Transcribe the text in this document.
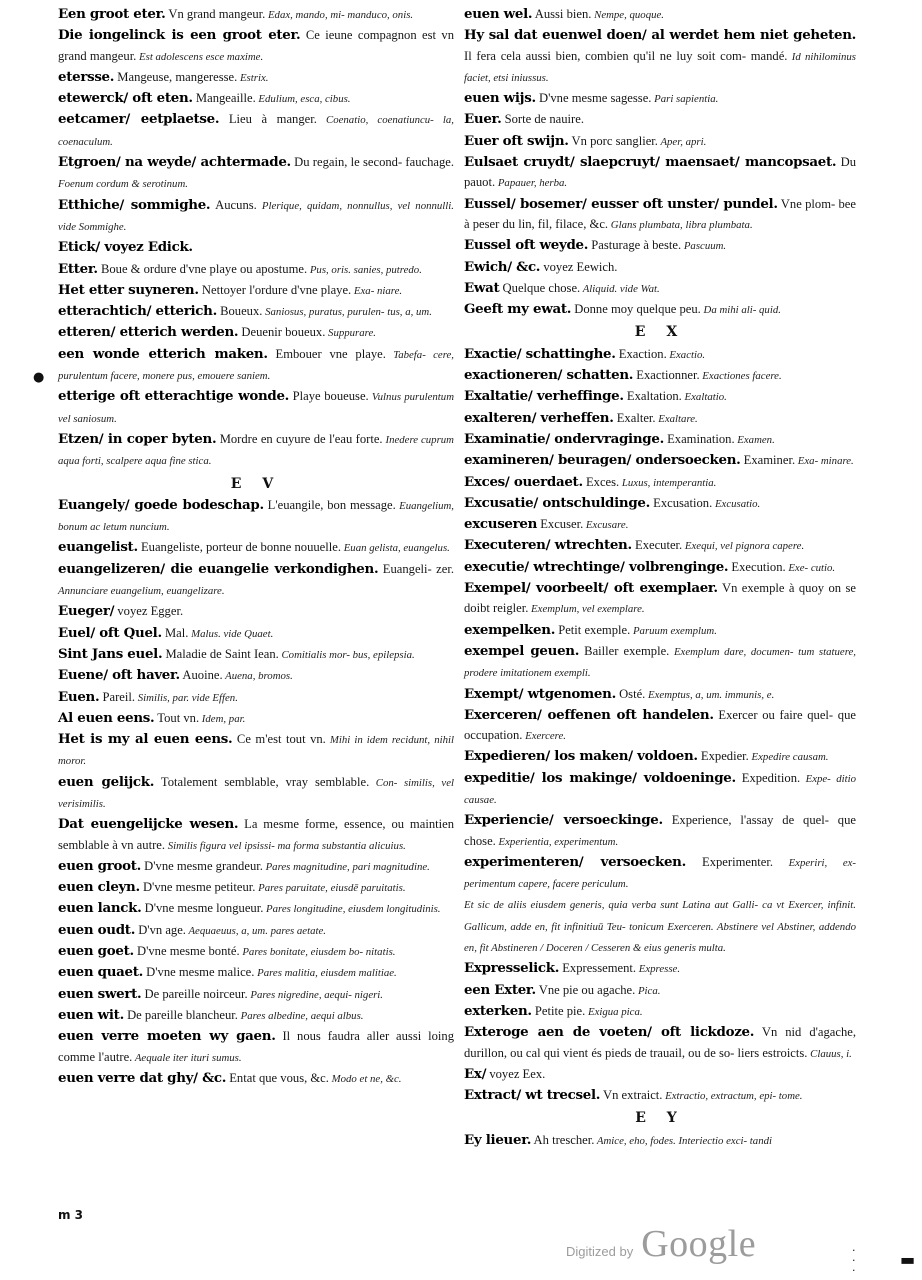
Een groot eter. Vn grand mangeur. Edax, mando, mi- manduco, onis.

Die iongelinck is een groot eter. Ce ieune compagnon est vn grand mangeur. Est adolescens esce maxime.

etersse. Mangeuse, mangeresse. Estrix.

etewerck/ oft eten. Mangeaille. Edulium, esca, cibus.

eetcamer/ eetplaetse. Lieu à manger. Coenatio, coenatiuncu- la, coenaculum.

Etgroen/ na weyde/ achtermade. Du regain, le second- fauchage. Foenum cordum & serotinum.

Etthiche/ sommighe. Aucuns. Plerique, quidam, nonnullus, vel nonnulli. vide Sommighe.

Etick/ voyez Edick.

Etter. Boue & ordure d'vne playe ou apostume. Pus, oris. sanies, putredo.

Het etter suyneren. Nettoyer l'ordure d'vne playe. Exa- niare.

etterachtich/ etterich. Boueux. Saniosus, puratus, purulen- tus, a, um.

etteren/ etterich werden. Deuenir boueux. Suppurare.

een wonde etterich maken. Embouer vne playe. Tabefa- cere, purulentum facere, monere pus, emouere saniem.

etterige oft etterachtige wonde. Playe boueuse. Vulnus purulentum vel saniosum.

Etzen/ in coper byten. Mordre en cuyure de l'eau forte. Inedere cuprum aqua forti, scalpere aqua fine stica.

E V

Euangely/ goede bodeschap. L'euangile, bon message. Euangelium, bonum ac letum nuncium.

euangelist. Euangeliste, porteur de bonne nouuelle. Euan gelista, euangelus.

euangelizeren/ die euangelie verkondighen. Euangeli- zer. Annunciare euangelium, euangelizare.

Eueger/ voyez Egger.

Euel/ oft Quel. Mal. Malus. vide Quaet.

Sint Jans euel. Maladie de Saint Iean. Comitialis mor- bus, epilepsia.

Euene/ oft haver. Auoine. Auena, bromos.

Euen. Pareil. Similis, par. vide Effen.

Al euen eens. Tout vn. Idem, par.

Het is my al euen eens. Ce m'est tout vn. Mihi in idem recidunt, nihil moror.

euen gelijck. Totalement semblable, vray semblable. Con- similis, vel verisimilis.

Dat euengelijcke wesen. La mesme forme, essence, ou maintien semblable à vn autre. Similis figura vel ipsissi- ma forma substantia alicuius.

euen groot. D'vne mesme grandeur. Pares magnitudine, pari magnitudine.

euen cleyn. D'vne mesme petiteur. Pares paruitate, eiusdē paruitatis.

euen lanck. D'vne mesme longueur. Pares longitudine, eiusdem longitudinis.

euen oudt. D'vn age. Aequaeuus, a, um. pares aetate.

euen goet. D'vne mesme bonté. Pares bonitate, eiusdem bo- nitatis.

euen quaet. D'vne mesme malice. Pares malitia, eiusdem malitiae.

euen swert. De pareille noirceur. Pares nigredine, aequi- nigeri.

euen wit. De pareille blancheur. Pares albedine, aequi albus.

euen verre moeten wy gaen. Il nous faudra aller aussi loing comme l'autre. Aequale iter ituri sumus.

euen verre dat ghy/ &c. Entat que vous, &c. Modo et ne, &c.

euen wel. Aussi bien. Nempe, quoque.

Hy sal dat euenwel doen/ al werdet hem niet geheten. Il fera cela aussi bien, combien qu'il ne luy soit com- mandé. Id nihilominus faciet, etsi iniussus.

euen wijs. D'vne mesme sagesse. Pari sapientia.

Euer. Sorte de nauire.

Euer oft swijn. Vn porc sanglier. Aper, apri.

Eulsaet cruydt/ slaepcruyt/ maensaet/ mancopsaet. Du pauot. Papauer, herba.

Eussel/ bosemer/ eusser oft unster/ pundel. Vne plom- bee à peser du lin, fil, filace, &c. Glans plumbata, libra plumbata.

Eussel oft weyde. Pasturage à beste. Pascuum.

Ewich/ &c. voyez Eewich.

Ewat Quelque chose. Aliquid. vide Wat.

Geeft my ewat. Donne moy quelque peu. Da mihi ali- quid.

E X

Exactie/ schattinghe. Exaction. Exactio.

exactioneren/ schatten. Exactionner. Exactiones facere.

Exaltatie/ verheffinge. Exaltation. Exaltatio.

exalteren/ verheffen. Exalter. Exaltare.

Examinatie/ ondervraginge. Examination. Examen.

examineren/ beuragen/ ondersoecken. Examiner. Exa- minare.

Exces/ ouerdaet. Exces. Luxus, intemperantia.

Excusatie/ ontschuldinge. Excusation. Excusatio.

excuseren Excuser. Excusare.

Executeren/ wtrechten. Executer. Exequi, vel pignora capere.

executie/ wtrechtinge/ volbrenginge. Execution. Exe- cutio.

Exempel/ voorbeelt/ oft exemplaer. Vn exemple à quoy on se doibt reigler. Exemplum, vel exemplare.

exempelken. Petit exemple. Paruum exemplum.

exempel geuen. Bailler exemple. Exemplum dare, documen- tum statuere, prodere imitationem exempli.

Exempt/ wtgenomen. Osté. Exemptus, a, um. immunis, e.

Exerceren/ oeffenen oft handelen. Exercer ou faire quel- que occupation. Exercere.

Expedieren/ los maken/ voldoen. Expedier. Expedire causam.

expeditie/ los makinge/ voldoeninge. Expedition. Expe- ditio causae.

Experiencie/ versoeckinge. Experience, l'assay de quel- que chose. Experientia, experimentum.

experimenteren/ versoecken. Experimenter. Experiri, ex- perimentum capere, facere periculum.

Et sic de aliis eiusdem generis, quia verba sunt Latina aut Galli- ca vt Exercer, infinit. Gallicum, adde en, fit infinitiuū Teu- tonicum Exerceren. Abstinere vel Abstiner, addendo en, fit Abstineren / Doceren / Cesseren & eius generis multa.

Expresselick. Expressement. Expresse.

een Exter. Vne pie ou agache. Pica.

exterken. Petite pie. Exigua pica.

Exteroge aen de voeten/ oft lickdoze. Vn nid d'agache, durillon, ou cal qui vient és pieds de trauail, ou de so- liers estroicts. Clauus, i.

Ex/ voyez Eex.

Extract/ wt trecsel. Vn extraict. Extractio, extractum, epi- tome.

E Y

Ey lieuer. Ah trescher. Amice, eho, fodes. Interiectio exci- tandi

m 3
●
▬
·
·
·
Digitized by Google
